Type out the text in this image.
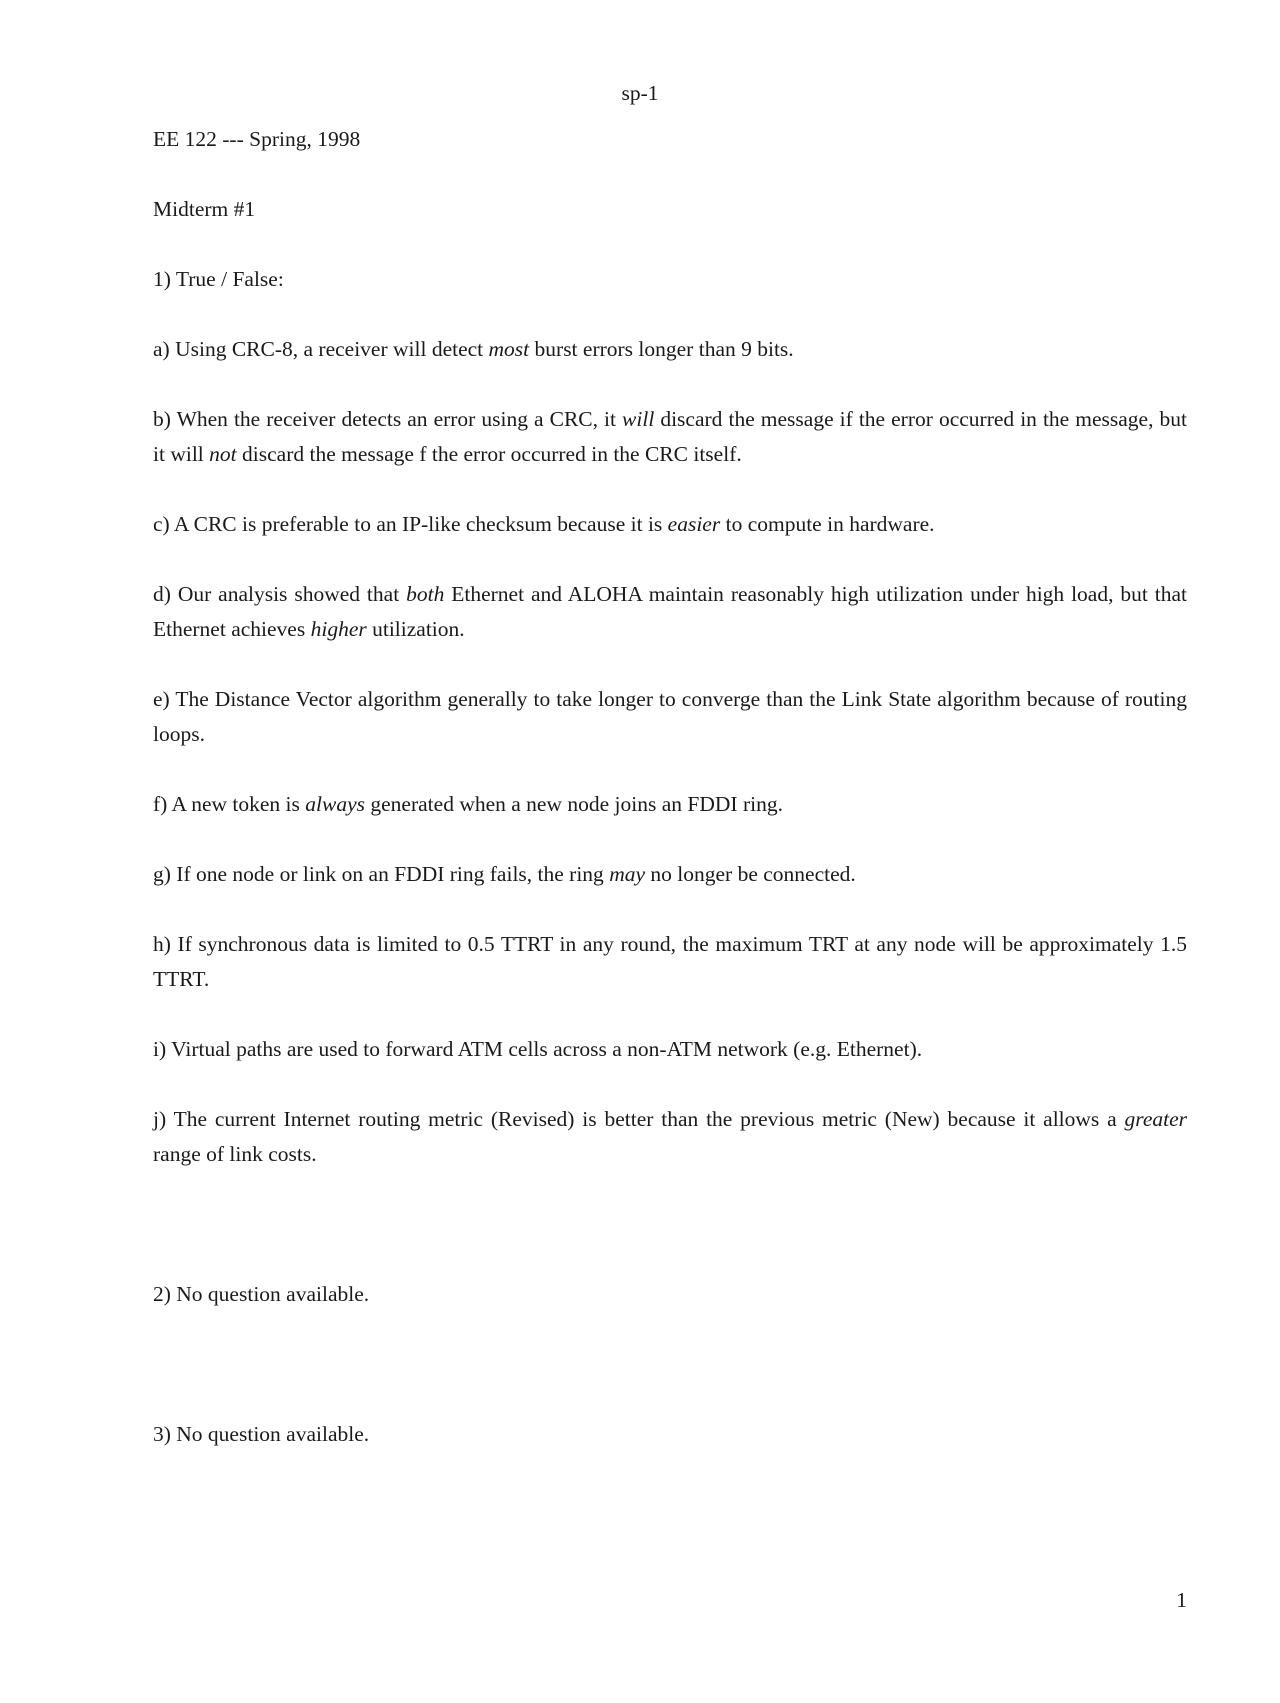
sp-1
EE 122 --- Spring, 1998
Midterm #1
1) True / False:
a) Using CRC-8, a receiver will detect most burst errors longer than 9 bits.
b) When the receiver detects an error using a CRC, it will discard the message if the error occurred in the message, but it will not discard the message f the error occurred in the CRC itself.
c) A CRC is preferable to an IP-like checksum because it is easier to compute in hardware.
d) Our analysis showed that both Ethernet and ALOHA maintain reasonably high utilization under high load, but that Ethernet achieves higher utilization.
e) The Distance Vector algorithm generally to take longer to converge than the Link State algorithm because of routing loops.
f) A new token is always generated when a new node joins an FDDI ring.
g) If one node or link on an FDDI ring fails, the ring may no longer be connected.
h) If synchronous data is limited to 0.5 TTRT in any round, the maximum TRT at any node will be approximately 1.5 TTRT.
i) Virtual paths are used to forward ATM cells across a non-ATM network (e.g. Ethernet).
j) The current Internet routing metric (Revised) is better than the previous metric (New) because it allows a greater range of link costs.
2) No question available.
3) No question available.
1
